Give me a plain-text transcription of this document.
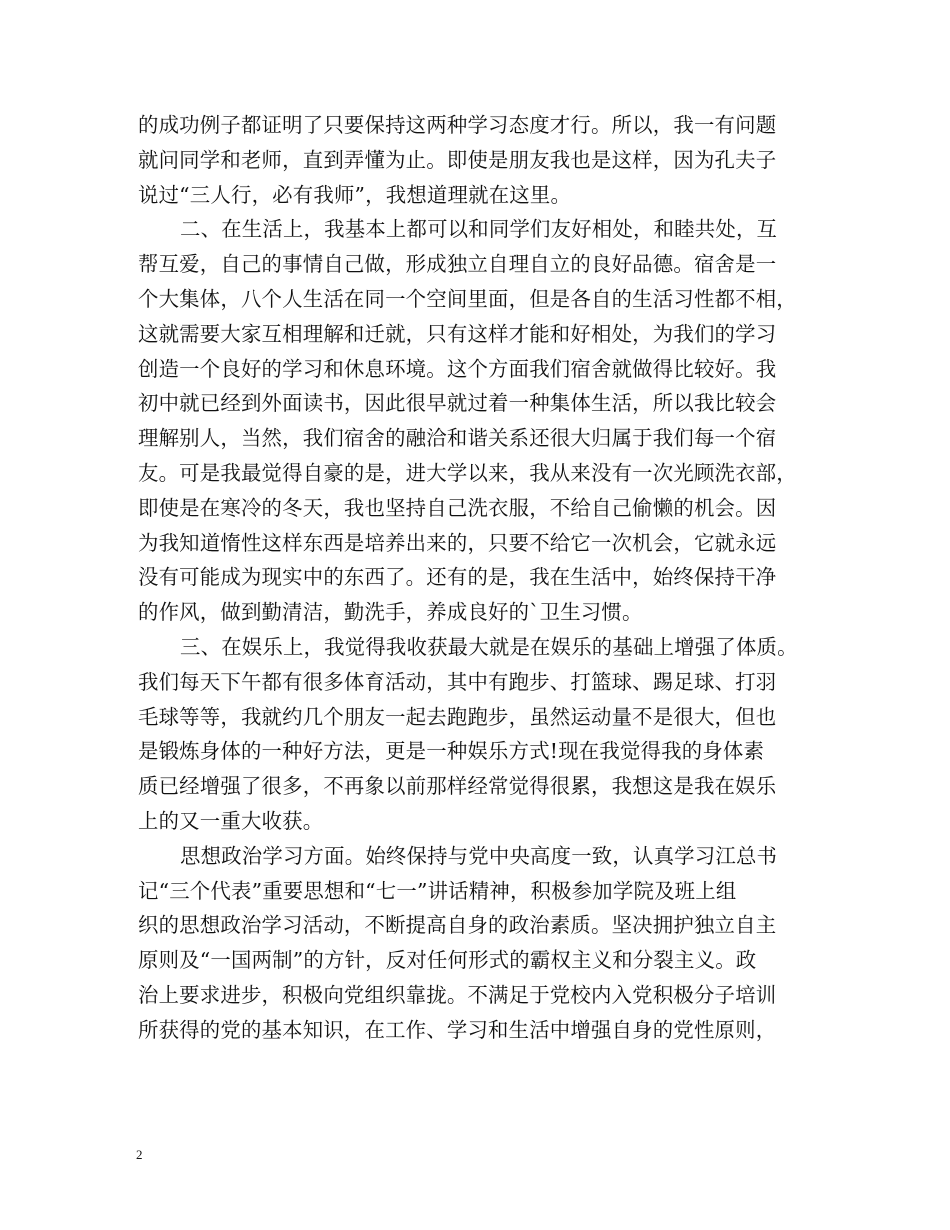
的成功例子都证明了只要保持这两种学习态度才行。所以，我一有问题
就问同学和老师，直到弄懂为止。即使是朋友我也是这样，因为孔夫子
说过“三人行，必有我师”，我想道理就在这里。
二、在生活上，我基本上都可以和同学们友好相处，和睦共处，互
帮互爱，自己的事情自己做，形成独立自理自立的良好品德。宿舍是一
个大集体，八个人生活在同一个空间里面，但是各自的生活习性都不相，
这就需要大家互相理解和迁就，只有这样才能和好相处，为我们的学习
创造一个良好的学习和休息环境。这个方面我们宿舍就做得比较好。我
初中就已经到外面读书，因此很早就过着一种集体生活，所以我比较会
理解别人，当然，我们宿舍的融洽和谐关系还很大归属于我们每一个宿
友。可是我最觉得自豪的是，进大学以来，我从来没有一次光顾洗衣部，
即使是在寒冷的冬天，我也坚持自己洗衣服，不给自己偷懒的机会。因
为我知道惰性这样东西是培养出来的，只要不给它一次机会，它就永远
没有可能成为现实中的东西了。还有的是，我在生活中，始终保持干净
的作风，做到勤清洁，勤洗手，养成良好的`卫生习惯。
三、在娱乐上，我觉得我收获最大就是在娱乐的基础上增强了体质。
我们每天下午都有很多体育活动，其中有跑步、打篮球、踢足球、打羽
毛球等等，我就约几个朋友一起去跑跑步，虽然运动量不是很大，但也
是锻炼身体的一种好方法，更是一种娱乐方式!现在我觉得我的身体素
质已经增强了很多，不再象以前那样经常觉得很累，我想这是我在娱乐
上的又一重大收获。
思想政治学习方面。始终保持与党中央高度一致，认真学习江总书
记“三个代表”重要思想和“七一”讲话精神，积极参加学院及班上组
织的思想政治学习活动，不断提高自身的政治素质。坚决拥护独立自主
原则及“一国两制”的方针，反对任何形式的霸权主义和分裂主义。政
治上要求进步，积极向党组织靠拢。不满足于党校内入党积极分子培训
所获得的党的基本知识，在工作、学习和生活中增强自身的党性原则，
2
